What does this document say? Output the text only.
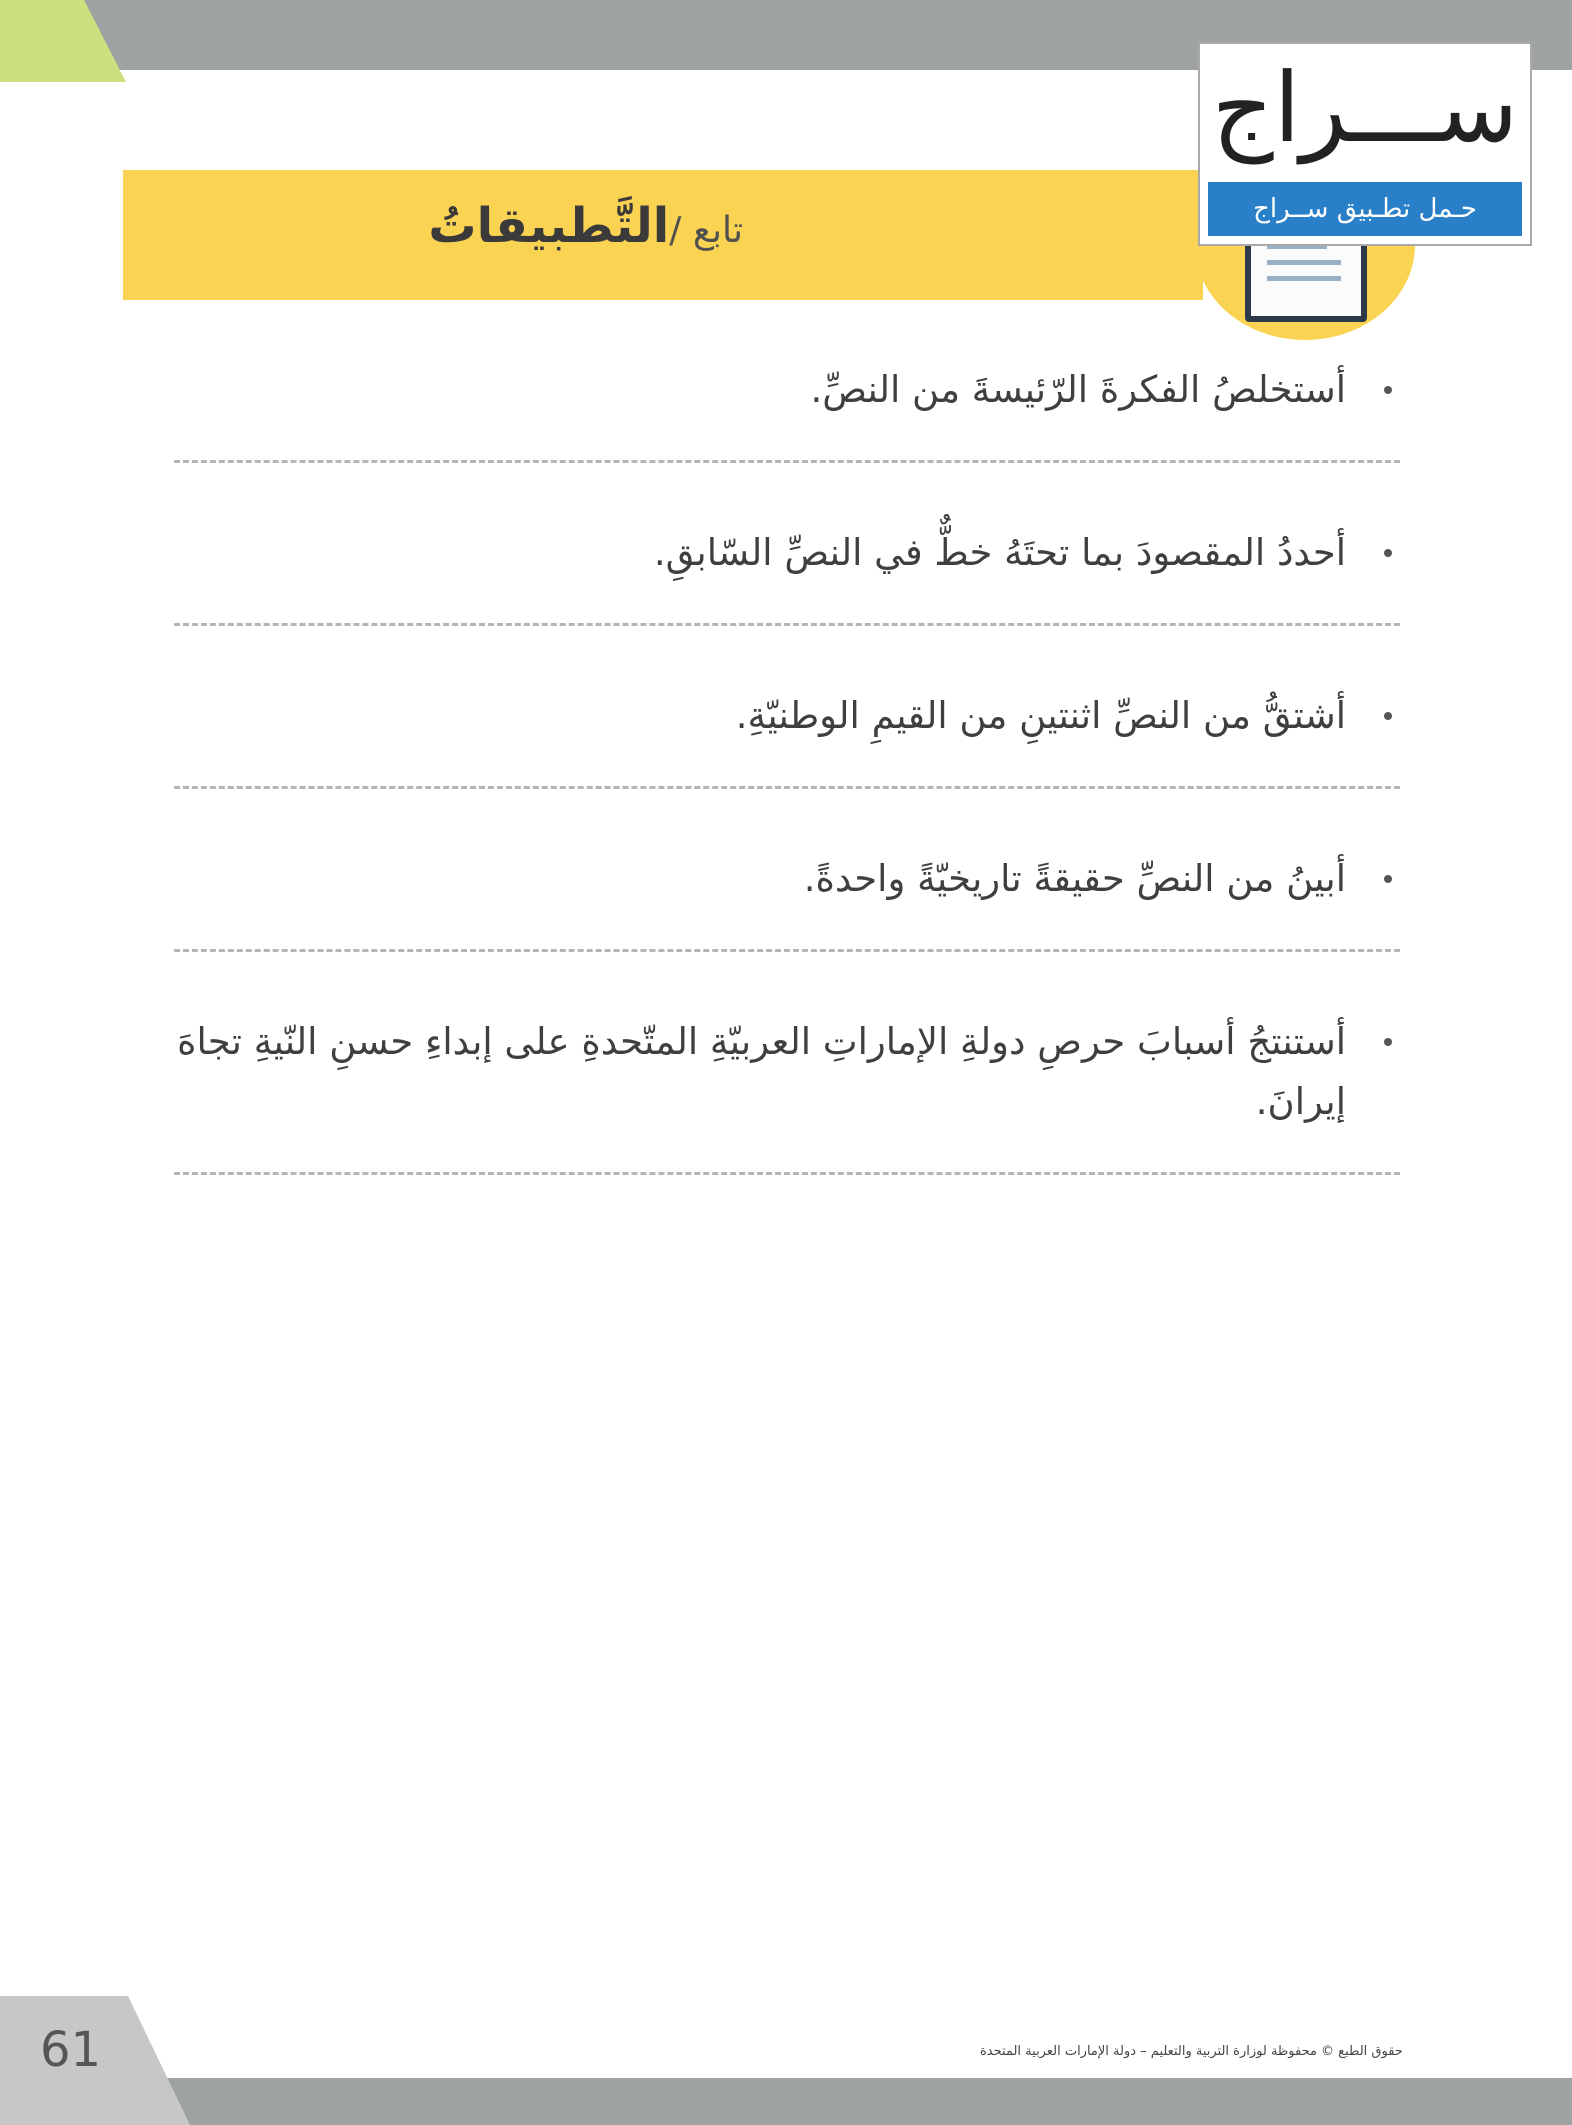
تابع /التَّطبيقاتُ
ســـراج
حـمل تطـبيق ســراج
أستخلصُ الفكرةَ الرّئيسةَ من النصِّ.
أحددُ المقصودَ بما تحتَهُ خطٌّ في النصِّ السّابقِ.
أشتقُّ من النصِّ اثنتينِ من القيمِ الوطنيّةِ.
أبينُ من النصِّ حقيقةً تاريخيّةً واحدةً.
أستنتجُ أسبابَ حرصِ دولةِ الإماراتِ العربيّةِ المتّحدةِ على إبداءِ حسنِ النّيةِ تجاهَ إيرانَ.
61	حقوق الطبع © محفوظة لوزارة التربية والتعليم – دولة الإمارات العربية المتحدة
